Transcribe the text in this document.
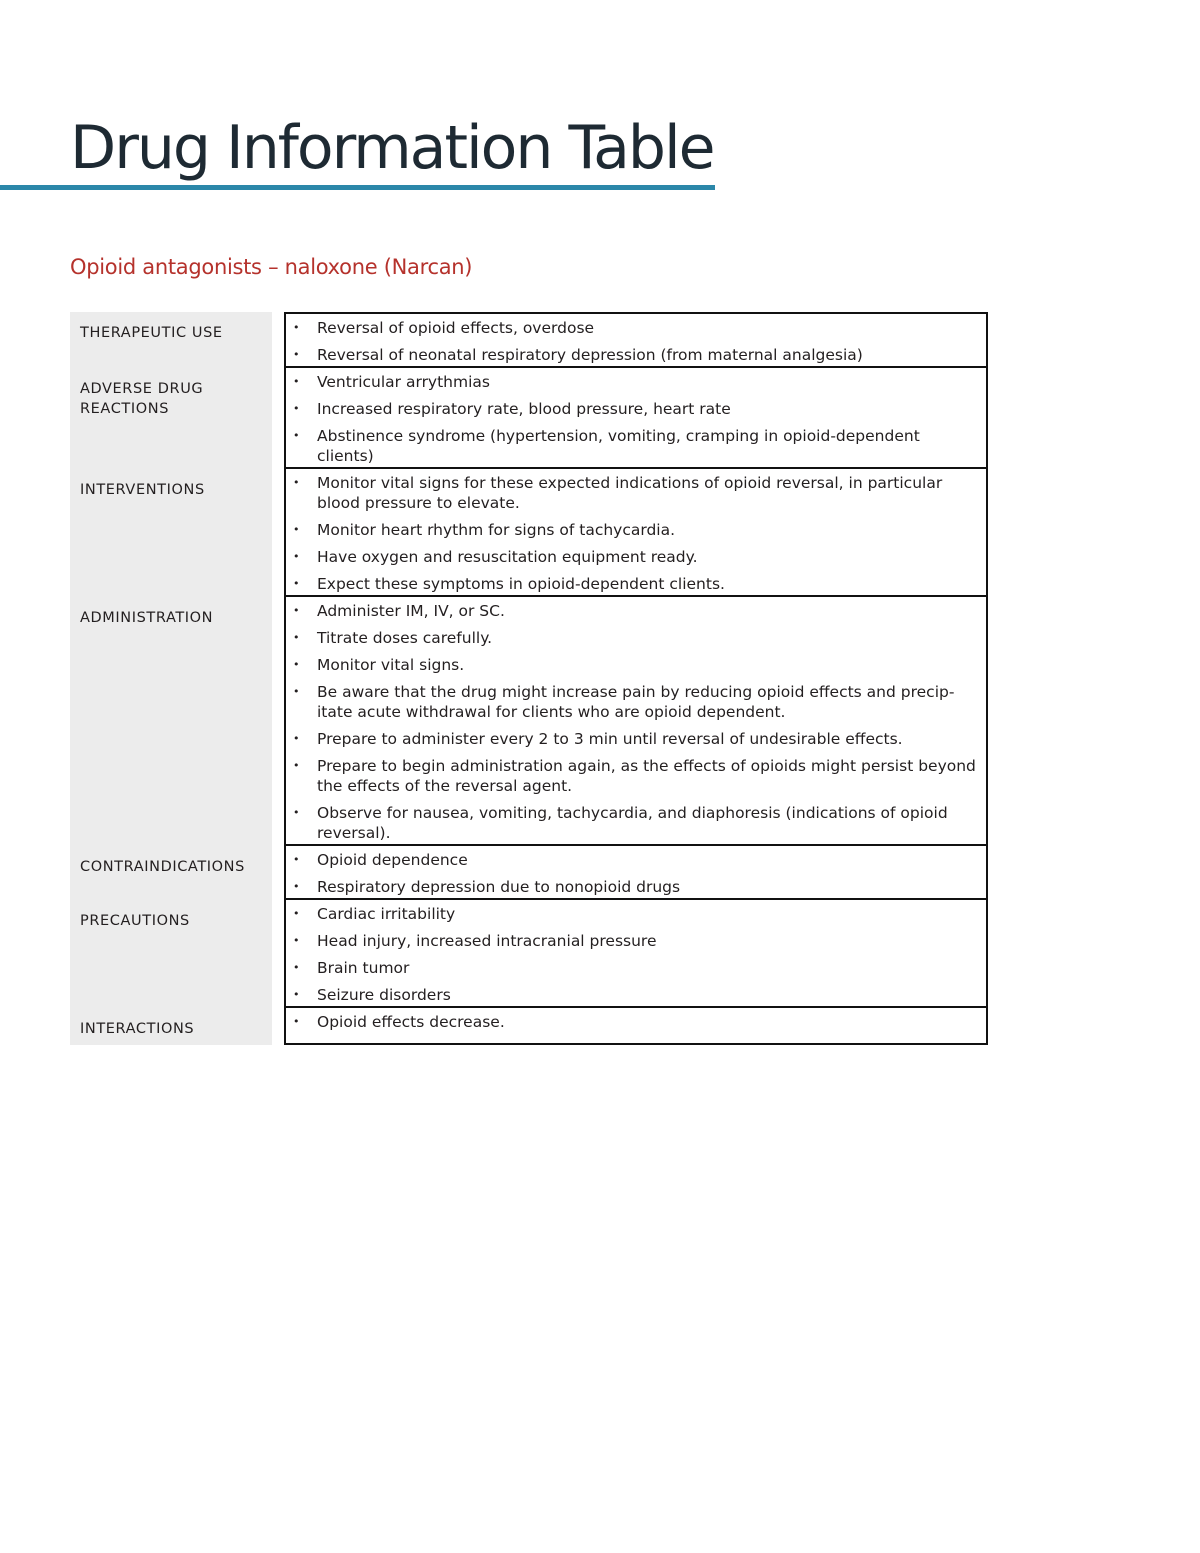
Drug Information Table
Opioid antagonists – naloxone (Narcan)
THERAPEUTIC USE	• Reversal of opioid effects, overdose
• Reversal of neonatal respiratory depression (from maternal analgesia)
ADVERSE DRUG REACTIONS
• Ventricular arrythmias
• Increased respiratory rate, blood pressure, heart rate
• Abstinence syndrome (hypertension, vomiting, cramping in opioid-dependent clients)
INTERVENTIONS	• Monitor vital signs for these expected indications of opioid reversal, in particular blood pressure to elevate.
• Monitor heart rhythm for signs of tachycardia.
• Have oxygen and resuscitation equipment ready.
• Expect these symptoms in opioid-dependent clients.
ADMINISTRATION	• Administer IM, IV, or SC.
• Titrate doses carefully.
• Monitor vital signs.
• Be aware that the drug might increase pain by reducing opioid effects and precip-itate acute withdrawal for clients who are opioid dependent.
• Prepare to administer every 2 to 3 min until reversal of undesirable effects.
• Prepare to begin administration again, as the effects of opioids might persist beyond the effects of the reversal agent.
• Observe for nausea, vomiting, tachycardia, and diaphoresis (indications of opioid reversal).
CONTRAINDICATIONS	• Opioid dependence
• Respiratory depression due to nonopioid drugs
PRECAUTIONS	• Cardiac irritability
• Head injury, increased intracranial pressure
• Brain tumor
• Seizure disorders
INTERACTIONS	• Opioid effects decrease.
